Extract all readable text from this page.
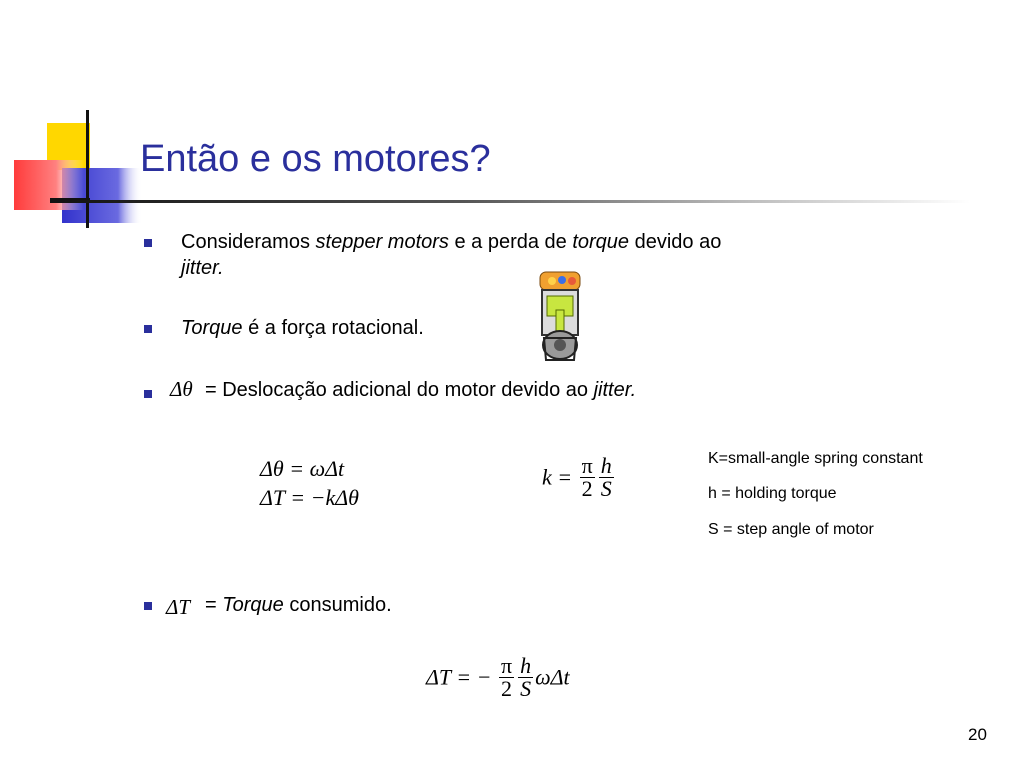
Então e os motores?
Consideramos stepper motors e a perda de torque devido ao
jitter.
Torque é a força rotacional.
Δθ = Deslocação adicional do motor devido ao jitter.
Δθ = ωΔt
ΔT = −kΔθ
$k = \frac{\pi}{2} \frac{h}{S}$	K=small-angle spring constant
h = holding torque
S = step angle of motor
ΔT = Torque consumido.
ΔT = − $\frac{\pi}{2} \frac{h}{S}$ ωΔt
20
